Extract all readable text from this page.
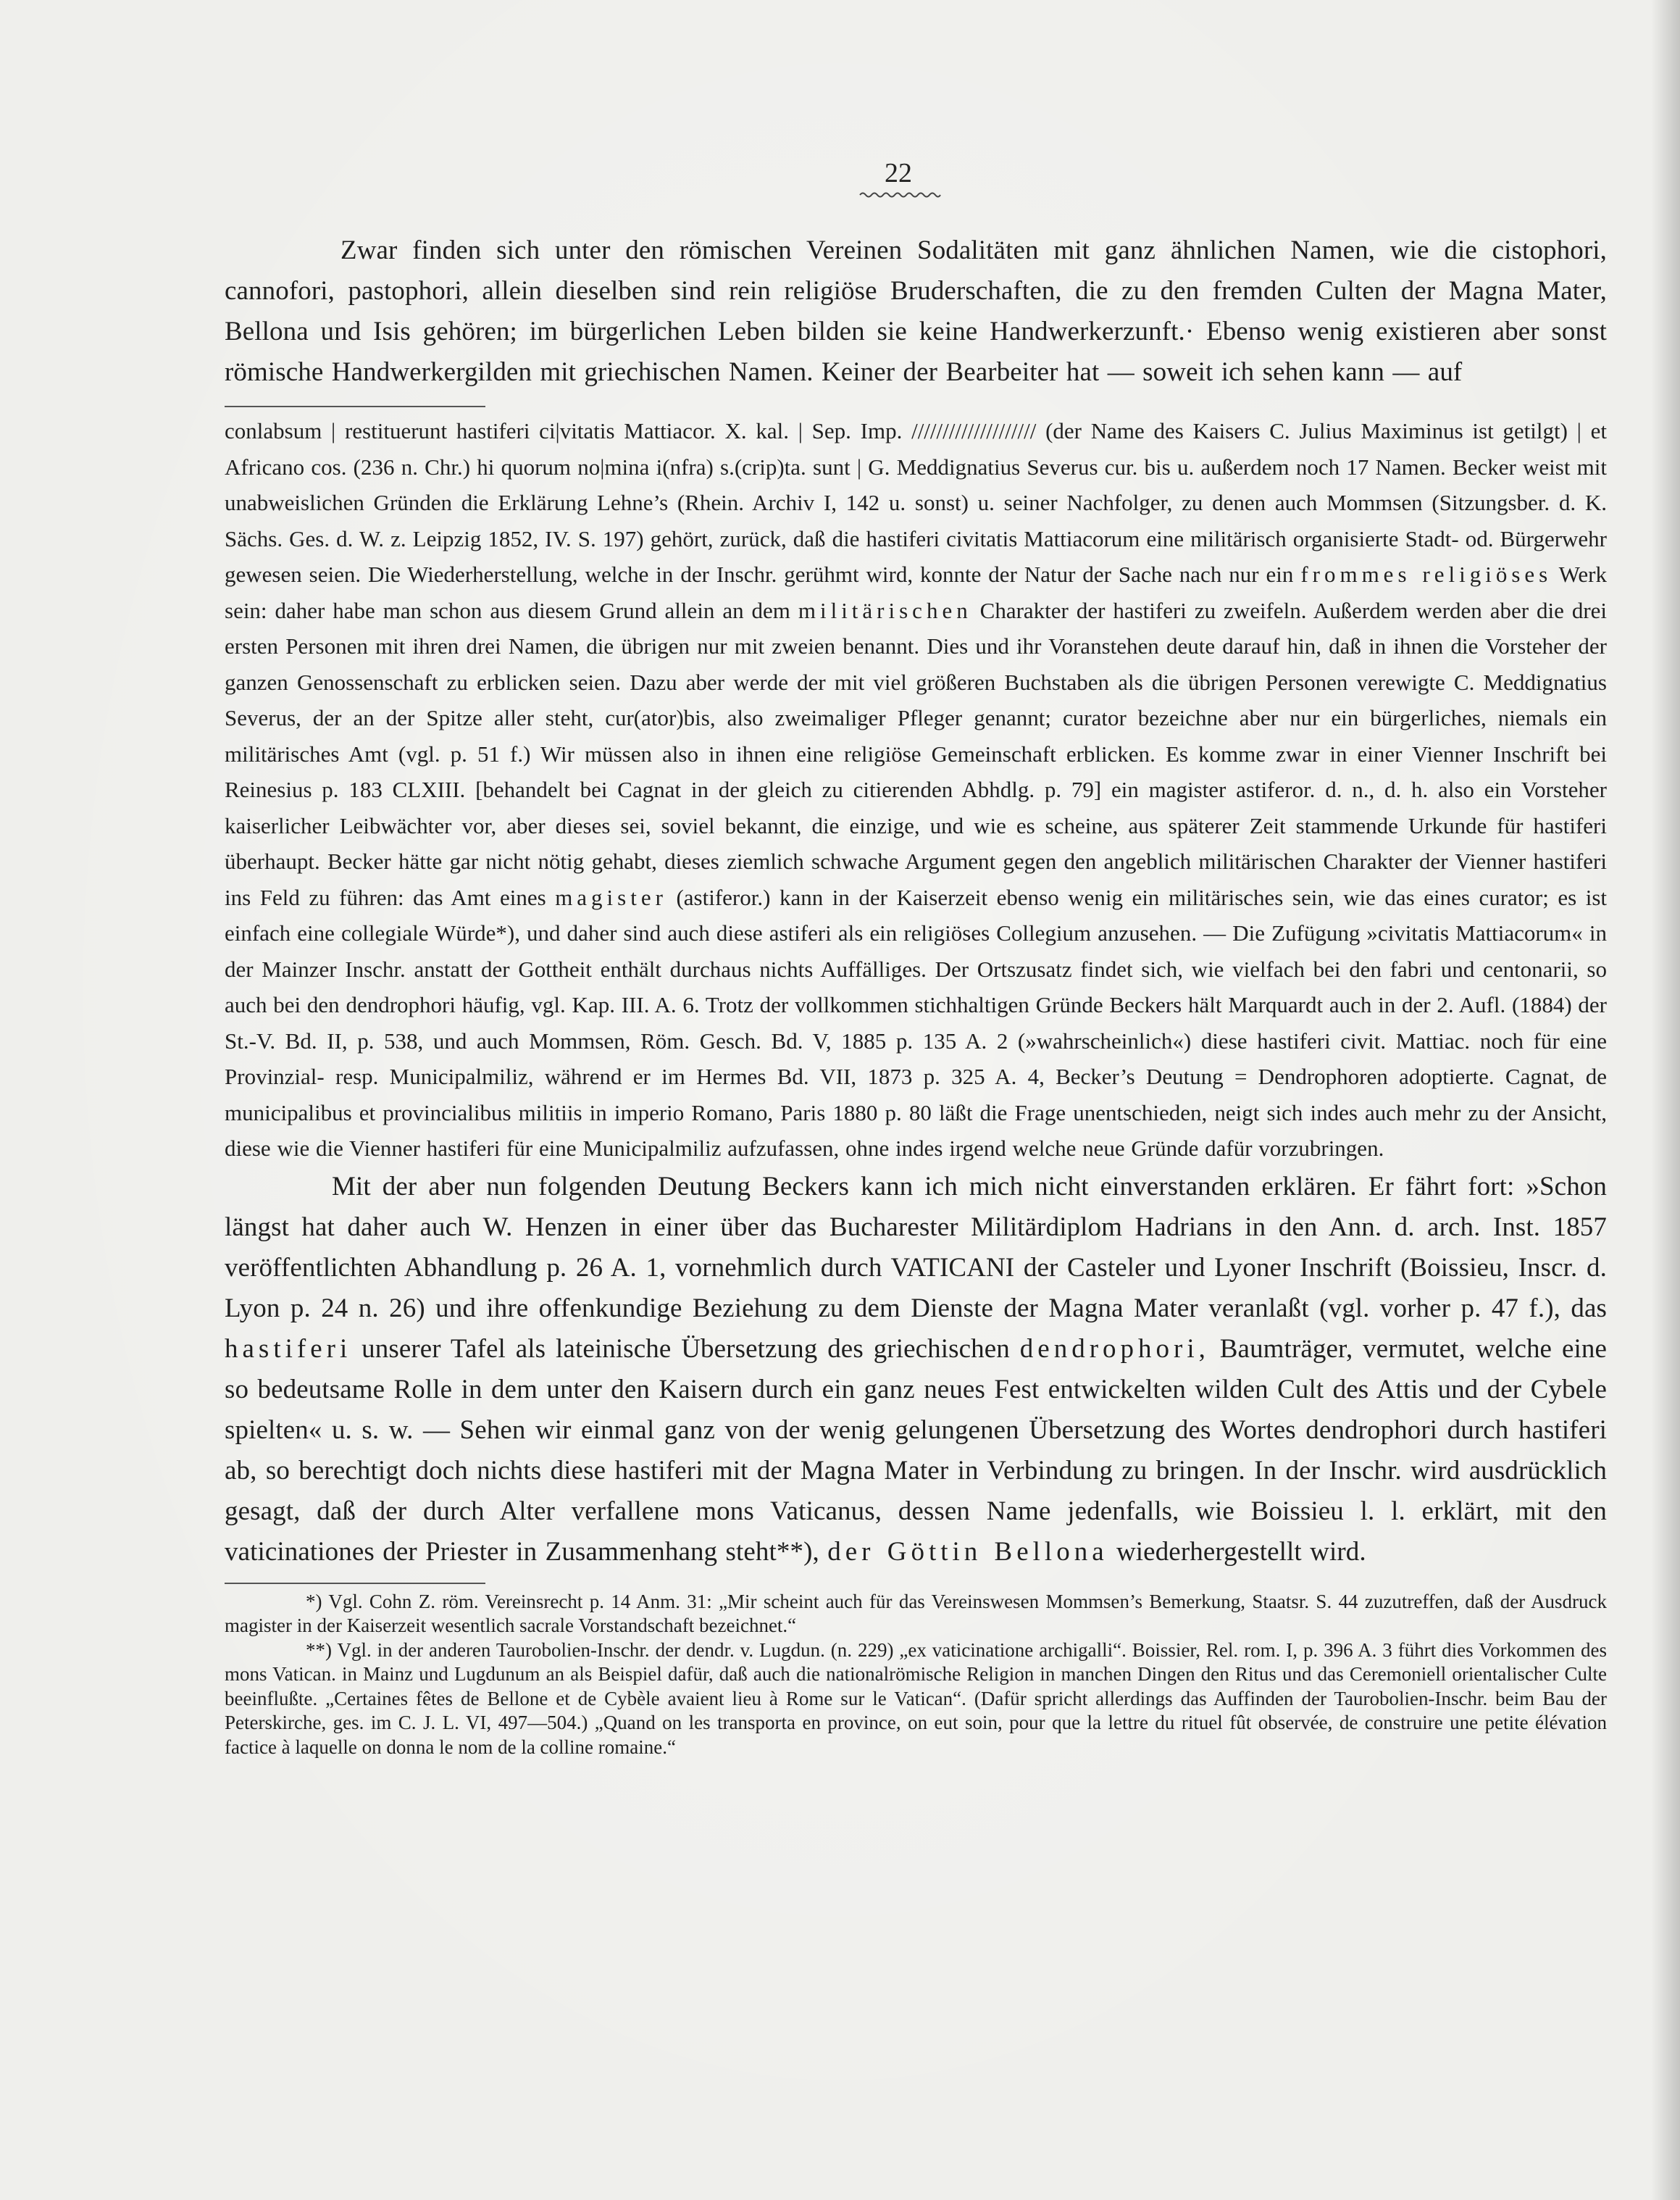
22

Zwar finden sich unter den römischen Vereinen Sodalitäten mit ganz ähnlichen Namen, wie die cistophori, cannofori, pastophori, allein dieselben sind rein religiöse Bruderschaften, die zu den fremden Culten der Magna Mater, Bellona und Isis gehören; im bürgerlichen Leben bilden sie keine Handwerkerzunft.· Ebenso wenig existieren aber sonst römische Handwerkergilden mit griechischen Namen. Keiner der Bearbeiter hat — soweit ich sehen kann — auf

conlabsum | restituerunt hastiferi ci|vitatis Mattiacor. X. kal. | Sep. Imp. //////////////////// (der Name des Kaisers C. Julius Maximinus ist getilgt) | et Africano cos. (236 n. Chr.) hi quorum no|mina i(nfra) s.(crip)ta. sunt | G. Meddignatius Severus cur. bis u. außerdem noch 17 Namen. Becker weist mit unabweislichen Gründen die Erklärung Lehne’s (Rhein. Archiv I, 142 u. sonst) u. seiner Nachfolger, zu denen auch Mommsen (Sitzungsber. d. K. Sächs. Ges. d. W. z. Leipzig 1852, IV. S. 197) gehört, zurück, daß die hastiferi civitatis Mattiacorum eine militärisch organisierte Stadt- od. Bürgerwehr gewesen seien. Die Wiederherstellung, welche in der Inschr. gerühmt wird, konnte der Natur der Sache nach nur ein frommes religiöses Werk sein: daher habe man schon aus diesem Grund allein an dem militärischen Charakter der hastiferi zu zweifeln. Außerdem werden aber die drei ersten Personen mit ihren drei Namen, die übrigen nur mit zweien benannt. Dies und ihr Voranstehen deute darauf hin, daß in ihnen die Vorsteher der ganzen Genossenschaft zu erblicken seien. Dazu aber werde der mit viel größeren Buchstaben als die übrigen Personen verewigte C. Meddignatius Severus, der an der Spitze aller steht, cur(ator)bis, also zweimaliger Pfleger genannt; curator bezeichne aber nur ein bürgerliches, niemals ein militärisches Amt (vgl. p. 51 f.) Wir müssen also in ihnen eine religiöse Gemeinschaft erblicken. Es komme zwar in einer Vienner Inschrift bei Reinesius p. 183 CLXIII. [behandelt bei Cagnat in der gleich zu citierenden Abhdlg. p. 79] ein magister astiferor. d. n., d. h. also ein Vorsteher kaiserlicher Leibwächter vor, aber dieses sei, soviel bekannt, die einzige, und wie es scheine, aus späterer Zeit stammende Urkunde für hastiferi überhaupt. Becker hätte gar nicht nötig gehabt, dieses ziemlich schwache Argument gegen den angeblich militärischen Charakter der Vienner hastiferi ins Feld zu führen: das Amt eines magister (astiferor.) kann in der Kaiserzeit ebenso wenig ein militärisches sein, wie das eines curator; es ist einfach eine collegiale Würde*), und daher sind auch diese astiferi als ein religiöses Collegium anzusehen. — Die Zufügung »civitatis Mattiacorum« in der Mainzer Inschr. anstatt der Gottheit enthält durchaus nichts Auffälliges. Der Ortszusatz findet sich, wie vielfach bei den fabri und centonarii, so auch bei den dendrophori häufig, vgl. Kap. III. A. 6. Trotz der vollkommen stichhaltigen Gründe Beckers hält Marquardt auch in der 2. Aufl. (1884) der St.-V. Bd. II, p. 538, und auch Mommsen, Röm. Gesch. Bd. V, 1885 p. 135 A. 2 (»wahrscheinlich«) diese hastiferi civit. Mattiac. noch für eine Provinzial- resp. Municipalmiliz, während er im Hermes Bd. VII, 1873 p. 325 A. 4, Becker’s Deutung = Dendrophoren adoptierte. Cagnat, de municipalibus et provincialibus militiis in imperio Romano, Paris 1880 p. 80 läßt die Frage unentschieden, neigt sich indes auch mehr zu der Ansicht, diese wie die Vienner hastiferi für eine Municipalmiliz aufzufassen, ohne indes irgend welche neue Gründe dafür vorzubringen.

Mit der aber nun folgenden Deutung Beckers kann ich mich nicht einverstanden erklären. Er fährt fort: »Schon längst hat daher auch W. Henzen in einer über das Bucharester Militärdiplom Hadrians in den Ann. d. arch. Inst. 1857 veröffentlichten Abhandlung p. 26 A. 1, vornehmlich durch VATICANI der Casteler und Lyoner Inschrift (Boissieu, Inscr. d. Lyon p. 24 n. 26) und ihre offenkundige Beziehung zu dem Dienste der Magna Mater veranlaßt (vgl. vorher p. 47 f.), das hastiferi unserer Tafel als lateinische Übersetzung des griechischen dendrophori, Baumträger, vermutet, welche eine so bedeutsame Rolle in dem unter den Kaisern durch ein ganz neues Fest entwickelten wilden Cult des Attis und der Cybele spielten« u. s. w. — Sehen wir einmal ganz von der wenig gelungenen Übersetzung des Wortes dendrophori durch hastiferi ab, so berechtigt doch nichts diese hastiferi mit der Magna Mater in Verbindung zu bringen. In der Inschr. wird ausdrücklich gesagt, daß der durch Alter verfallene mons Vaticanus, dessen Name jedenfalls, wie Boissieu l. l. erklärt, mit den vaticinationes der Priester in Zusammenhang steht**), der Göttin Bellona wiederhergestellt wird.

*) Vgl. Cohn Z. röm. Vereinsrecht p. 14 Anm. 31: „Mir scheint auch für das Vereinswesen Mommsen’s Bemerkung, Staatsr. S. 44 zuzutreffen, daß der Ausdruck magister in der Kaiserzeit wesentlich sacrale Vorstandschaft bezeichnet.“

**) Vgl. in der anderen Taurobolien-Inschr. der dendr. v. Lugdun. (n. 229) „ex vaticinatione archigalli“. Boissier, Rel. rom. I, p. 396 A. 3 führt dies Vorkommen des mons Vatican. in Mainz und Lugdunum an als Beispiel dafür, daß auch die nationalrömische Religion in manchen Dingen den Ritus und das Ceremoniell orientalischer Culte beeinflußte. „Certaines fêtes de Bellone et de Cybèle avaient lieu à Rome sur le Vatican“. (Dafür spricht allerdings das Auffinden der Taurobolien-Inschr. beim Bau der Peterskirche, ges. im C. J. L. VI, 497—504.) „Quand on les transporta en province, on eut soin, pour que la lettre du rituel fût observée, de construire une petite élévation factice à laquelle on donna le nom de la colline romaine.“
